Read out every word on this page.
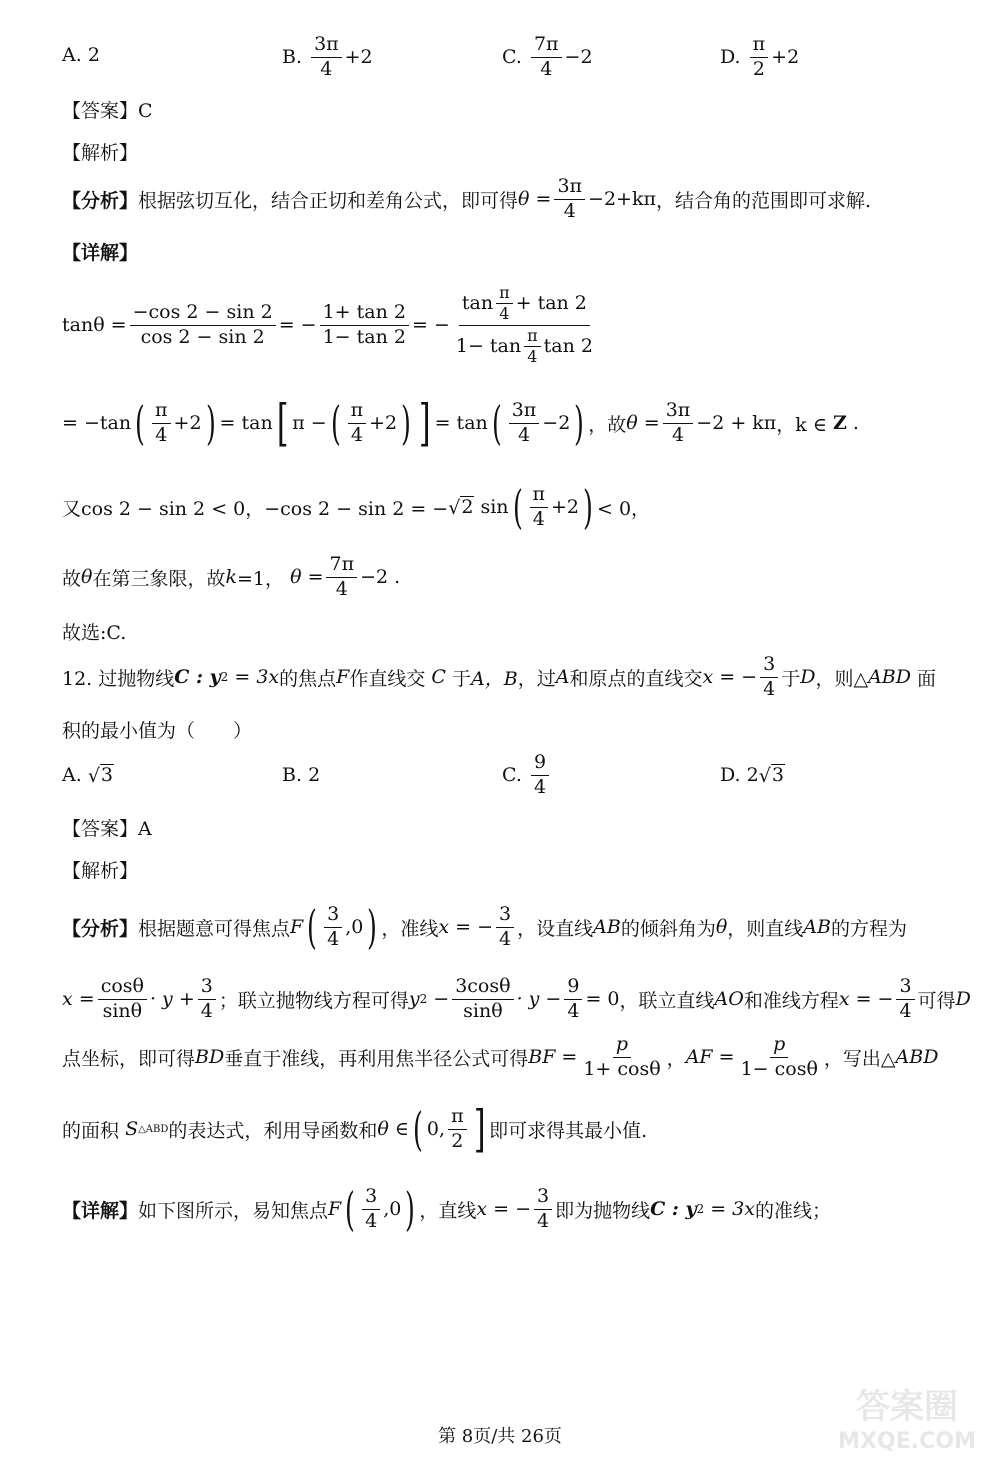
A.
2	B.
$\frac{3\pi}{4} +2$	C.
$\frac{7\pi}{4} -2$	D.
$\frac{\pi}{2} +2$
【答案】C
【解析】
【分析】 根据弦切互化，结合正切和差角公式，即可得 θ
= $\frac{3\pi}{4} -2+k\pi$ ，结合角的范围即可求解.
【详解】
$\tan\theta = \frac{-\cos 2 - \sin 2}{\cos 2 - \sin 2}$ = − $\frac{1+ \tan 2}{1- \tan 2}$ = − $\frac{\tan \frac{\pi}{4} + \tan 2}{1- \tan \frac{\pi}{4} \tan 2}$
= −tan ( $\frac{\pi}{4} +2$ ) = tan [ π − ( $\frac{\pi}{4} +2$ ) ] = tan ( $\frac{3\pi}{4} -2$ ) ，故 θ
= $\frac{3\pi}{4} -2 + k\pi$ ，k ∈
Z
.
又cos 2 − sin 2 < 0，−cos 2 − sin 2 = − √ 2
sin ( $\frac{\pi}{4} +2$ ) < 0，
故 θ 在第三象限，故 k =1，
θ
= $\frac{7\pi}{4} -2$
.
故选:C.
12. 过抛物线 C : y 2
= 3x 的焦点 F 作直线交
C
于 A，B ，过 A 和原点的直线交 x = − $\frac{3}{4}$ 于 D ，则△ ABD
面
积的最小值为（　　）
A.
√ 3	B.
2	C.
$\frac{9}{4}$	D.
2 √ 3
【答案】A
【解析】
【分析】 根据题意可得焦点 F ( $\frac{3}{4} ,0$ ) ，准线 x = − $\frac{3}{4}$ ，设直线 AB 的倾斜角为 θ ，则直线 AB 的方程为
$x = \frac{\cos\theta}{\sin\theta} \cdot y + \frac{3}{4}$ ；联立抛物线方程可得 y 2
− $\frac{3\cos\theta}{\sin\theta} \cdot y - \frac{9}{4} = 0$ ，联立直线 AO 和准线方程 x = − $\frac{3}{4}$ 可得 D
点坐标，即可得 BD 垂直于准线，再利用焦半径公式可得 BF = $\frac{p}{1+ \cos\theta}$ ， AF = $\frac{p}{1- \cos\theta}$ ，写出△ ABD
的面积
S △ABD 的表达式，利用导函数和 θ
∈ ( 0, $\frac{\pi}{2}$ ] 即可求得其最小值.
【详解】 如下图所示，易知焦点 F ( $\frac{3}{4} ,0$ ) ，直线 x = − $\frac{3}{4}$ 即为抛物线 C : y 2
= 3x 的准线；
第 8页/共 26页
答案圈
MXQE.COM
